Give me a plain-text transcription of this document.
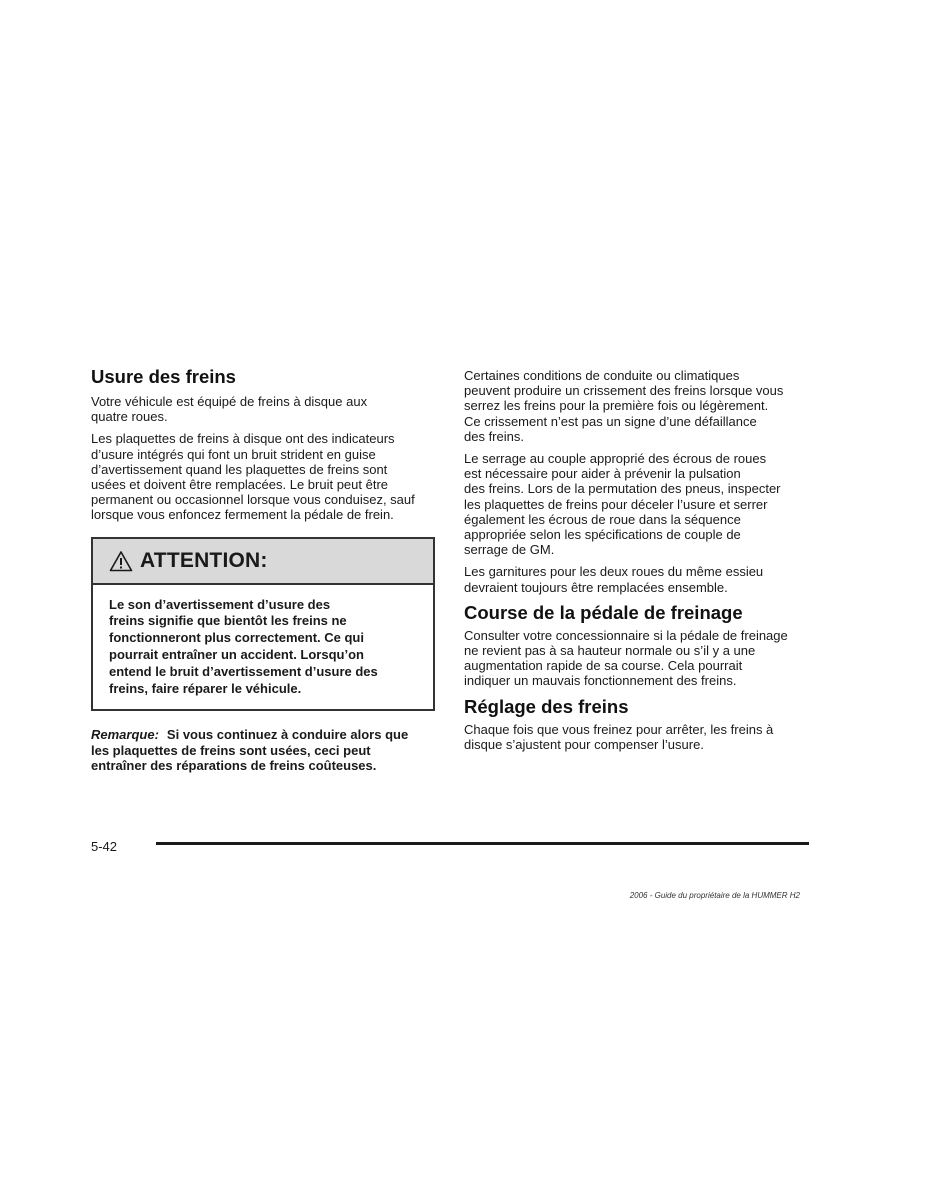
Usure des freins

Votre véhicule est équipé de freins à disque aux
quatre roues.

Les plaquettes de freins à disque ont des indicateurs
d’usure intégrés qui font un bruit strident en guise
d’avertissement quand les plaquettes de freins sont
usées et doivent être remplacées. Le bruit peut être
permanent ou occasionnel lorsque vous conduisez, sauf
lorsque vous enfoncez fermement la pédale de frein.

ATTENTION:
Le son d’avertissement d’usure des
freins signifie que bientôt les freins ne
fonctionneront plus correctement. Ce qui
pourrait entraîner un accident. Lorsqu’on
entend le bruit d’avertissement d’usure des
freins, faire réparer le véhicule.
Remarque: Si vous continuez à conduire alors que
les plaquettes de freins sont usées, ceci peut
entraîner des réparations de freins coûteuses.

Certaines conditions de conduite ou climatiques
peuvent produire un crissement des freins lorsque vous
serrez les freins pour la première fois ou légèrement.
Ce crissement n’est pas un signe d’une défaillance
des freins.

Le serrage au couple approprié des écrous de roues
est nécessaire pour aider à prévenir la pulsation
des freins. Lors de la permutation des pneus, inspecter
les plaquettes de freins pour déceler l’usure et serrer
également les écrous de roue dans la séquence
appropriée selon les spécifications de couple de
serrage de GM.

Les garnitures pour les deux roues du même essieu
devraient toujours être remplacées ensemble.

Course de la pédale de freinage

Consulter votre concessionnaire si la pédale de freinage
ne revient pas à sa hauteur normale ou s’il y a une
augmentation rapide de sa course. Cela pourrait
indiquer un mauvais fonctionnement des freins.

Réglage des freins

Chaque fois que vous freinez pour arrêter, les freins à
disque s’ajustent pour compenser l’usure.

5-42
2006 - Guide du propriétaire de la HUMMER H2
